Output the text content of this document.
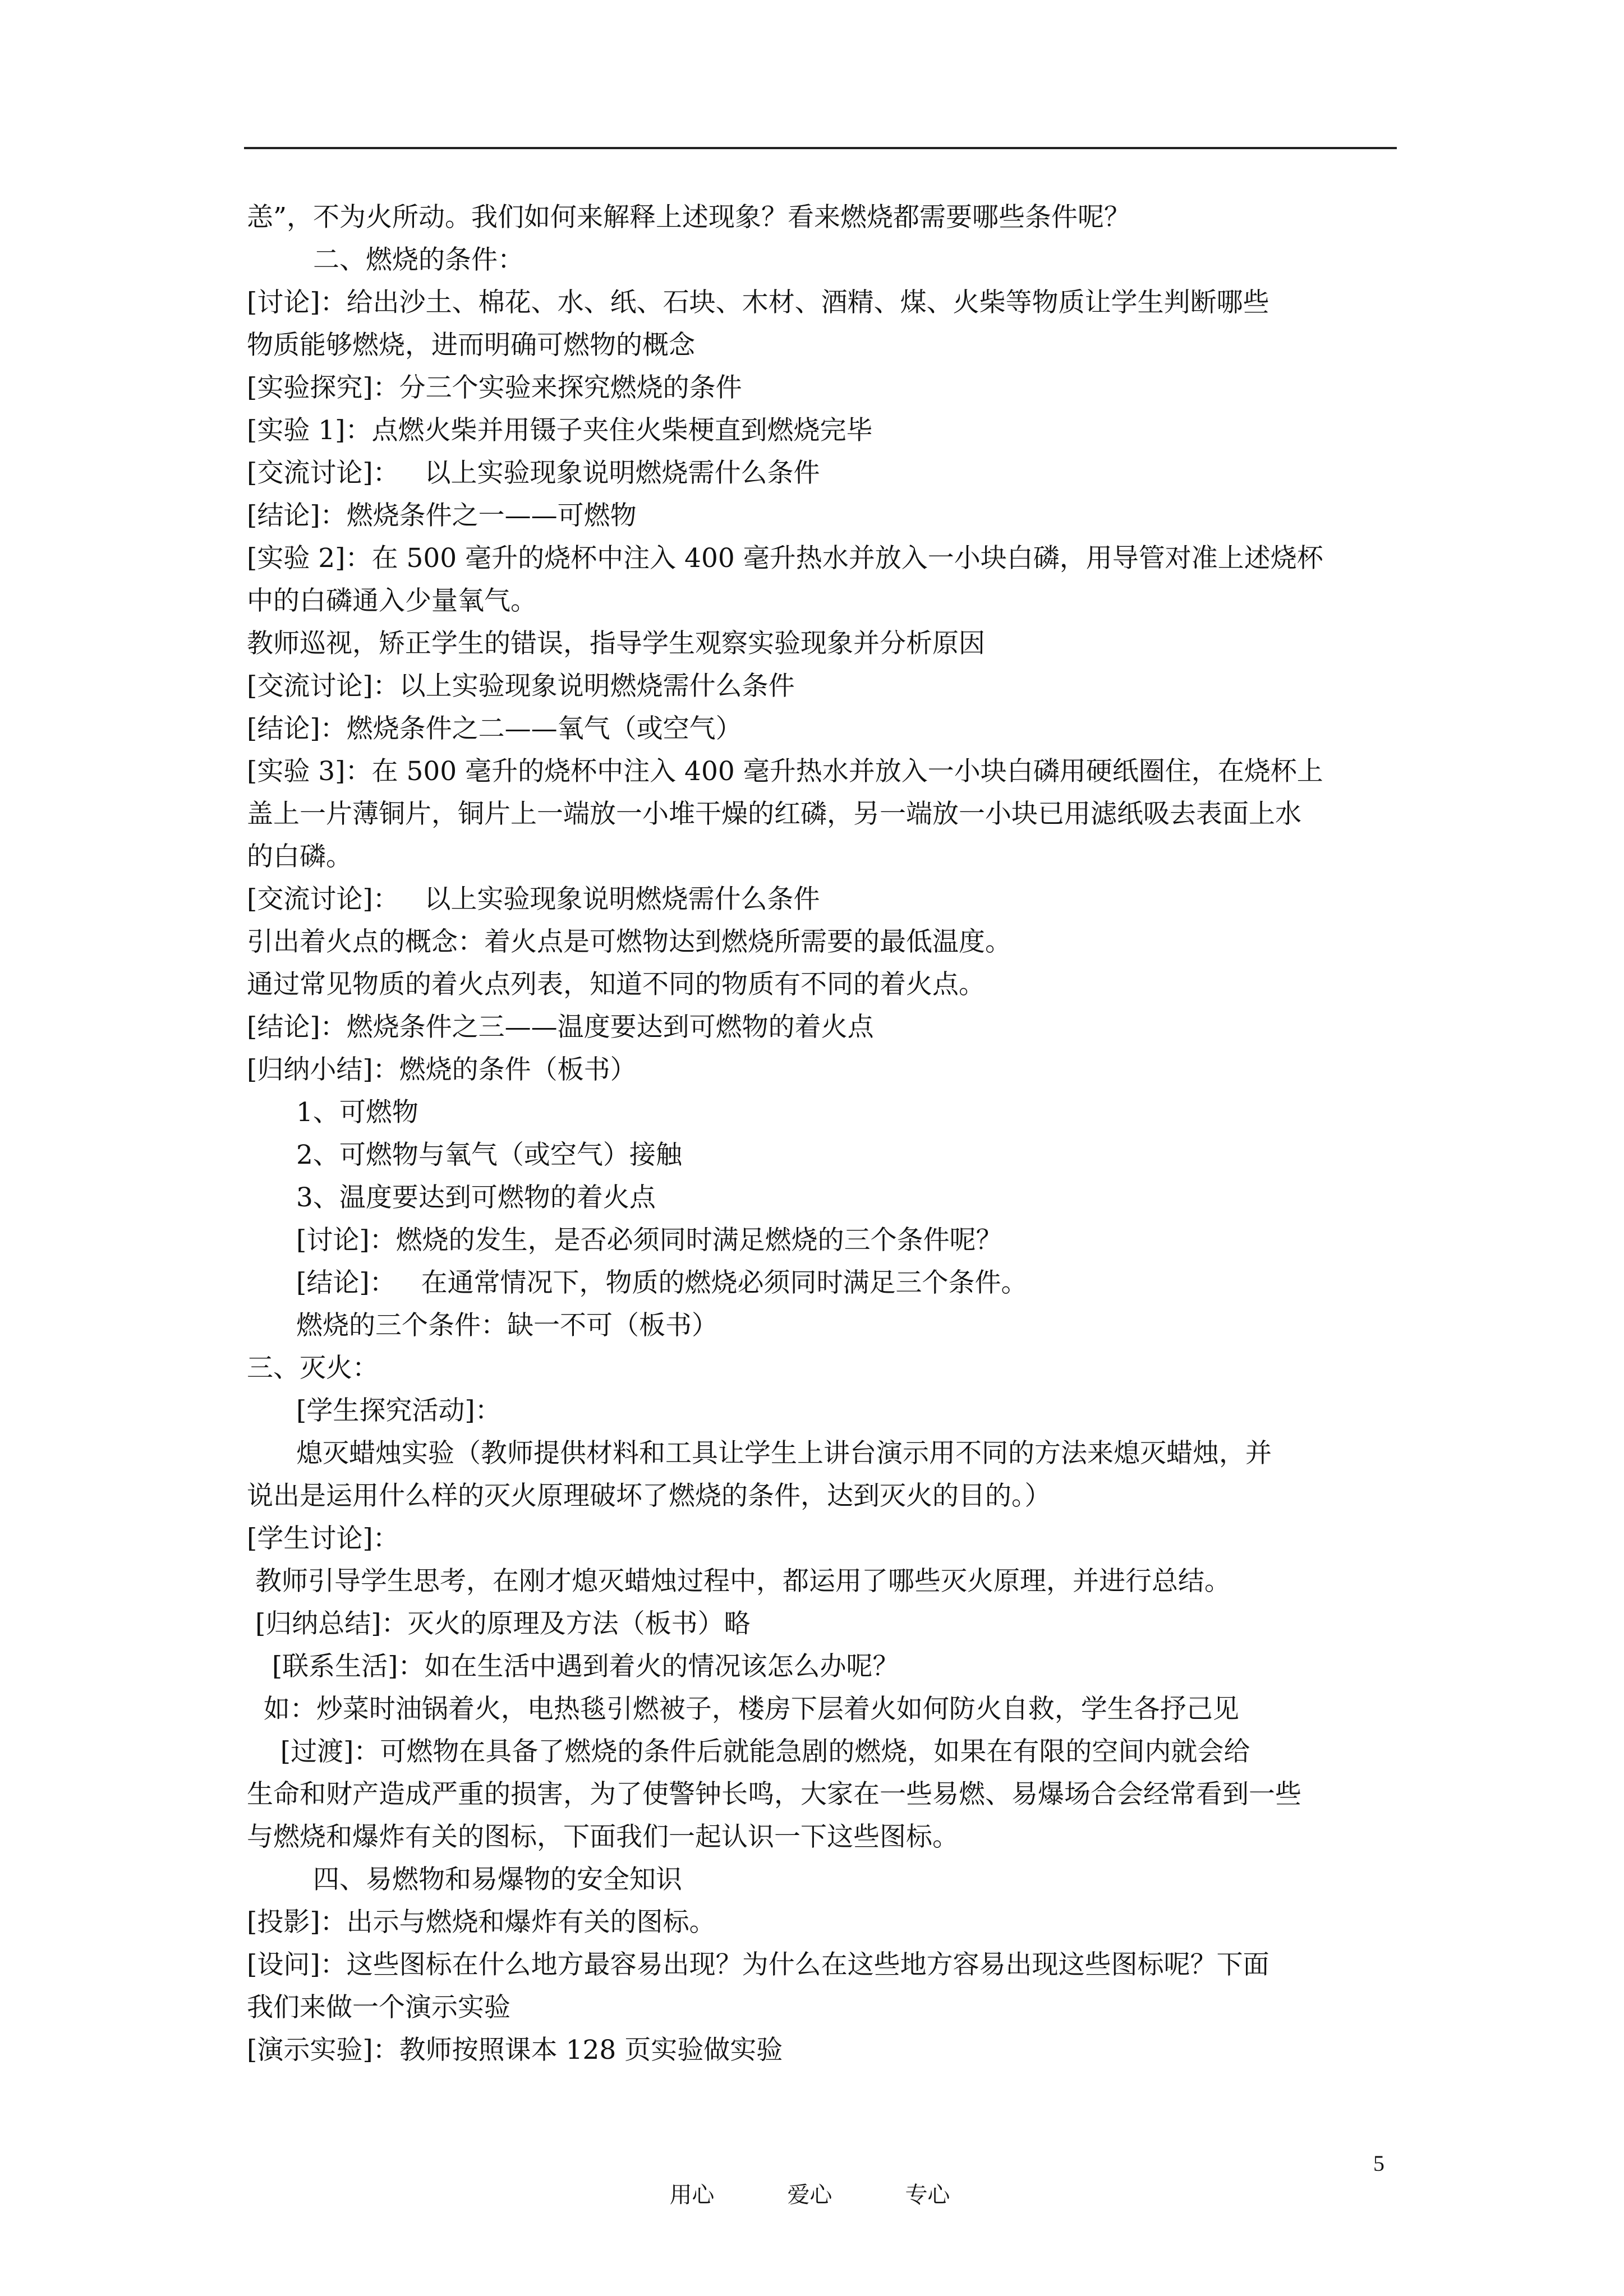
恙”，不为火所动。我们如何来解释上述现象？看来燃烧都需要哪些条件呢？
二、燃烧的条件：
[讨论]：给出沙土、棉花、水、纸、石块、木材、酒精、煤、火柴等物质让学生判断哪些
物质能够燃烧，进而明确可燃物的概念
[实验探究]：分三个实验来探究燃烧的条件
[实验 1]：点燃火柴并用镊子夹住火柴梗直到燃烧完毕
[交流讨论]：   以上实验现象说明燃烧需什么条件
[结论]：燃烧条件之一——可燃物
[实验 2]：在 500 毫升的烧杯中注入 400 毫升热水并放入一小块白磷，用导管对准上述烧杯
中的白磷通入少量氧气。
教师巡视，矫正学生的错误，指导学生观察实验现象并分析原因
[交流讨论]：以上实验现象说明燃烧需什么条件
[结论]：燃烧条件之二——氧气（或空气）
[实验 3]：在 500 毫升的烧杯中注入 400 毫升热水并放入一小块白磷用硬纸圈住，在烧杯上
盖上一片薄铜片，铜片上一端放一小堆干燥的红磷，另一端放一小块已用滤纸吸去表面上水
的白磷。
[交流讨论]：   以上实验现象说明燃烧需什么条件
引出着火点的概念：着火点是可燃物达到燃烧所需要的最低温度。
通过常见物质的着火点列表，知道不同的物质有不同的着火点。
[结论]：燃烧条件之三——温度要达到可燃物的着火点
[归纳小结]：燃烧的条件（板书）
1、可燃物
2、可燃物与氧气（或空气）接触
3、温度要达到可燃物的着火点
[讨论]：燃烧的发生，是否必须同时满足燃烧的三个条件呢？
[结论]：   在通常情况下，物质的燃烧必须同时满足三个条件。
燃烧的三个条件：缺一不可（板书）
三、灭火：
[学生探究活动]：
熄灭蜡烛实验（教师提供材料和工具让学生上讲台演示用不同的方法来熄灭蜡烛，并
说出是运用什么样的灭火原理破坏了燃烧的条件，达到灭火的目的。）
[学生讨论]：
教师引导学生思考，在刚才熄灭蜡烛过程中，都运用了哪些灭火原理，并进行总结。
[归纳总结]：灭火的原理及方法（板书）略
[联系生活]：如在生活中遇到着火的情况该怎么办呢？
如：炒菜时油锅着火，电热毯引燃被子，楼房下层着火如何防火自救，学生各抒己见
[过渡]：可燃物在具备了燃烧的条件后就能急剧的燃烧，如果在有限的空间内就会给
生命和财产造成严重的损害，为了使警钟长鸣，大家在一些易燃、易爆场合会经常看到一些
与燃烧和爆炸有关的图标，下面我们一起认识一下这些图标。
四、易燃物和易爆物的安全知识
[投影]：出示与燃烧和爆炸有关的图标。
[设问]：这些图标在什么地方最容易出现？为什么在这些地方容易出现这些图标呢？下面
我们来做一个演示实验
[演示实验]：教师按照课本 128 页实验做实验

用心	爱心	专心

5
